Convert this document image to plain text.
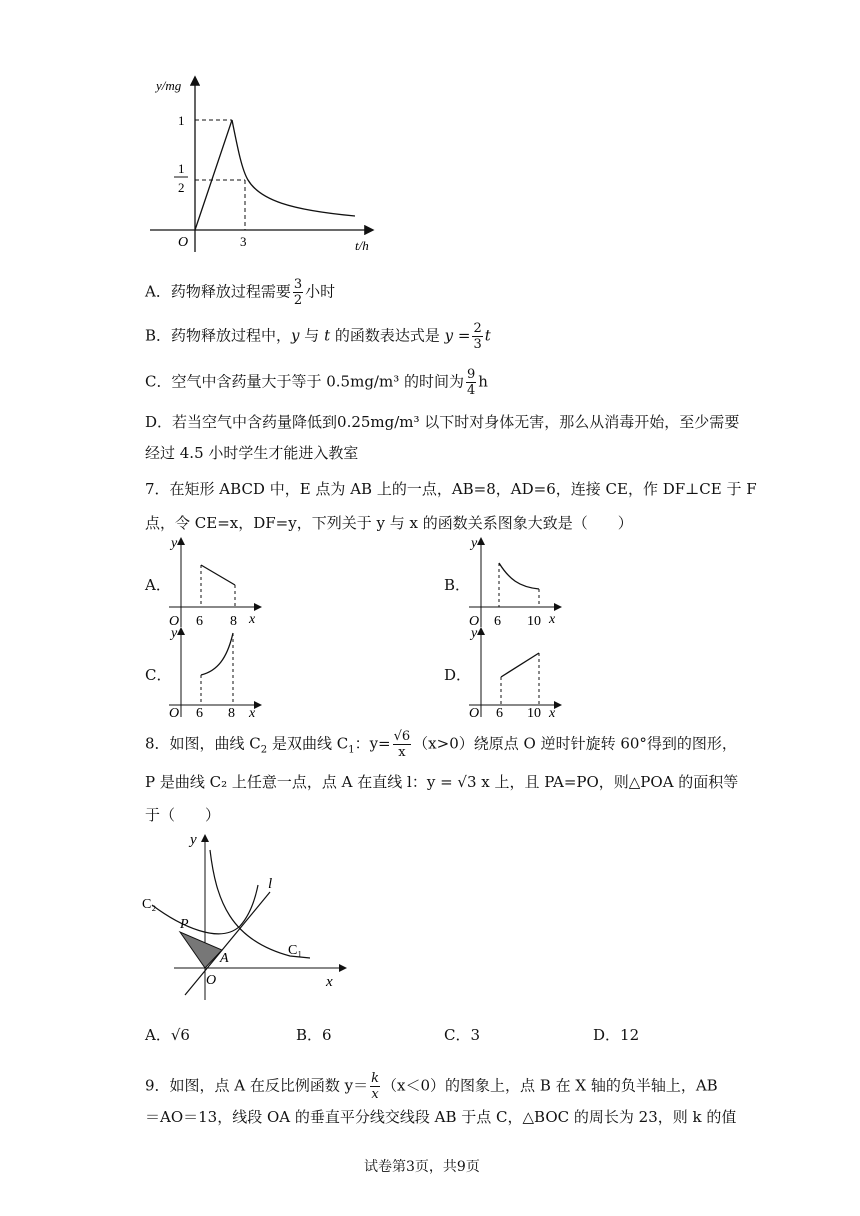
y/mg
1
1
2
O	3	t/h
A．药物释放过程需要 $\frac{3}{2}$ 小时
B．药物释放过程中，y 与 t 的函数表达式是 $y = \frac{2}{3}$ t
C．空气中含药量大于等于 0.5mg/m³ 的时间为 $\frac{9}{4}$ h
D．若当空气中含药量降低到0.25mg/m³ 以下时对身体无害，那么从消毒开始，至少需要
经过 4.5 小时学生才能进入教室
7．在矩形 ABCD 中，E 点为 AB 上的一点，AB=8，AD=6，连接 CE，作 DF⊥CE 于 F
点，令 CE=x，DF=y，下列关于 y 与 x 的函数关系图象大致是（　　）
A．	B．
C．	D．
y
O 6 8 x
y
O 6 10 x
y
O 6 8 x
y
O 6 10 x
8．如图，曲线 $C_2$ 是双曲线 $C_1$：$y= \frac{√6}{x} (x>0)$绕原点 O 逆时针旋转 60°得到的图形，
P 是曲线 C₂ 上任意一点，点 A 在直线 l：y = √3 x 上，且 PA=PO，则△POA 的面积等
于（　　）
y
x
O
P
A
l
C₂
C₁
A．√6	B．6	C．3	D．12
9．如图，点 A 在反比例函数 $y= \frac{k}{x} (x<0)$的图象上，点 B 在 X 轴的负半轴上，AB
＝AO＝13，线段 OA 的垂直平分线交线段 AB 于点 C，△BOC 的周长为 23，则 k 的值
试卷第3页，共9页
